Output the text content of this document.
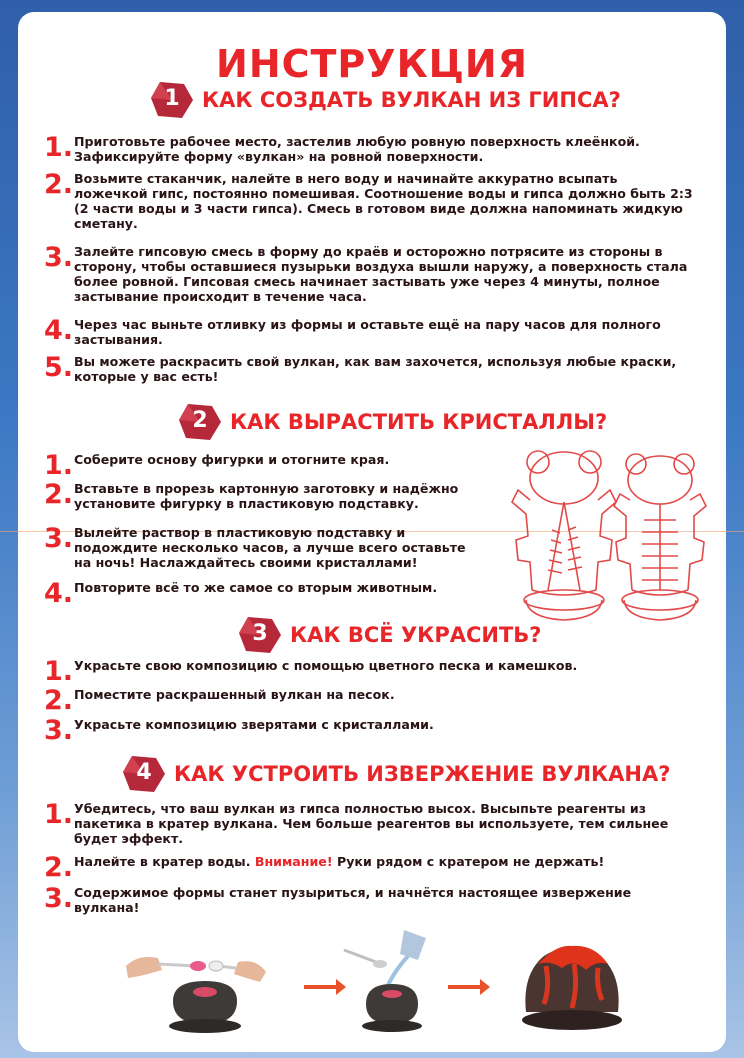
ИНСТРУКЦИЯ
1	КАК СОЗДАТЬ ВУЛКАН ИЗ ГИПСА?
1. Приготовьте рабочее место, застелив любую ровную поверхность клеёнкой. Зафиксируйте форму «вулкан» на ровной поверхности.
2. Возьмите стаканчик, налейте в него воду и начинайте аккуратно всыпать ложечкой гипс, постоянно помешивая. Соотношение воды и гипса должно быть 2:3 (2 части воды и 3 части гипса). Смесь в готовом виде должна напоминать жидкую сметану.
3. Залейте гипсовую смесь в форму до краёв и осторожно потрясите из стороны в сторону, чтобы оставшиеся пузырьки воздуха вышли наружу, а поверхность стала более ровной. Гипсовая смесь начинает застывать уже через 4 минуты, полное застывание происходит в течение часа.
4. Через час выньте отливку из формы и оставьте ещё на пару часов для полного застывания.
5. Вы можете раскрасить свой вулкан, как вам захочется, используя любые краски, которые у вас есть!
2	КАК ВЫРАСТИТЬ КРИСТАЛЛЫ?
1. Соберите основу фигурки и отогните края.
2. Вставьте в прорезь картонную заготовку и надёжно установите фигурку в пластиковую подставку.
3. Вылейте раствор в пластиковую подставку и подождите несколько часов, а лучше всего оставьте на ночь! Наслаждайтесь своими кристаллами!
4. Повторите всё то же самое со вторым животным.
3	КАК ВСЁ УКРАСИТЬ?
1. Украсьте свою композицию с помощью цветного песка и камешков.
2. Поместите раскрашенный вулкан на песок.
3. Украсьте композицию зверятами с кристаллами.
4	КАК УСТРОИТЬ ИЗВЕРЖЕНИЕ ВУЛКАНА?
1. Убедитесь, что ваш вулкан из гипса полностью высох. Высыпьте реагенты из пакетика в кратер вулкана. Чем больше реагентов вы используете, тем сильнее будет эффект.
2. Налейте в кратер воды. Внимание! Руки рядом с кратером не держать!
3. Содержимое формы станет пузыриться, и начнётся настоящее извержение вулкана!
